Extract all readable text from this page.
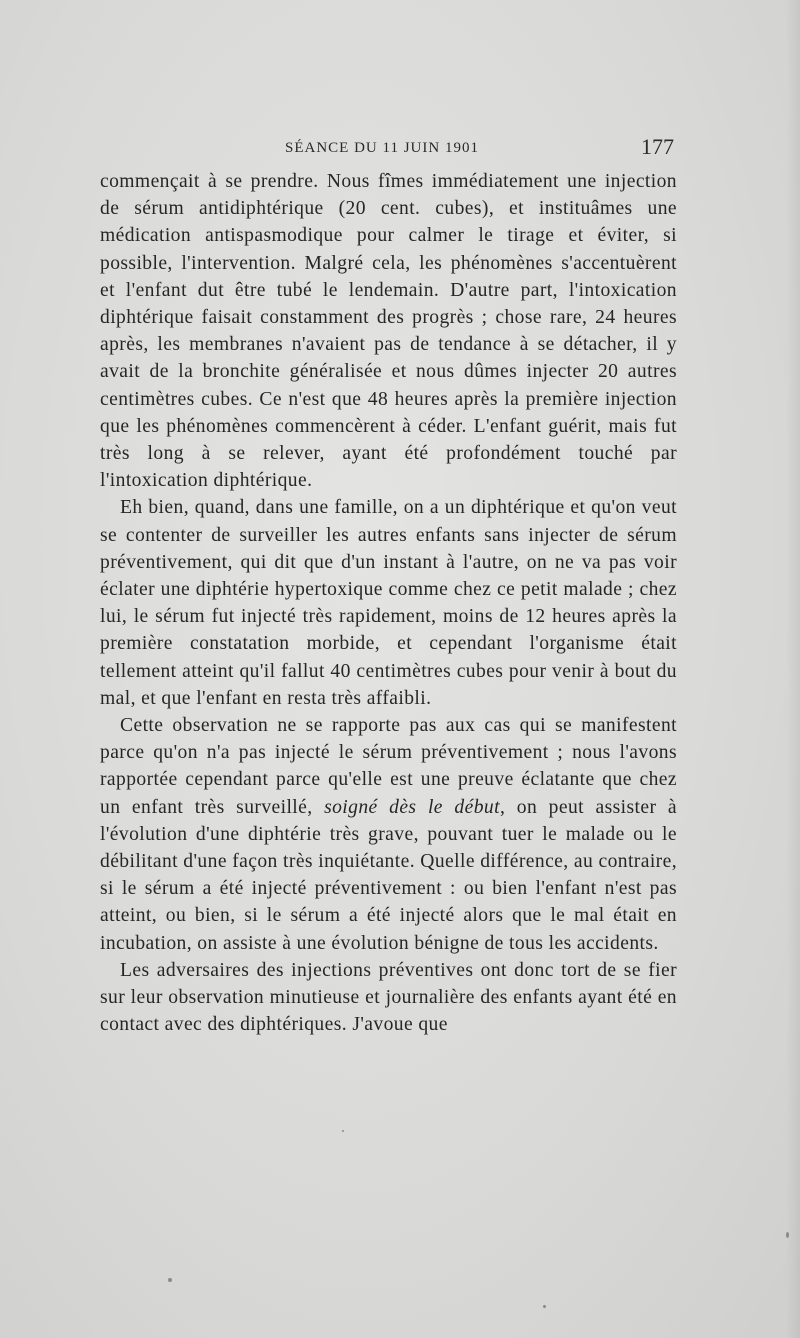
SÉANCE DU 11 JUIN 1901	177

commençait à se prendre. Nous fîmes immédiatement une injection de sérum antidiphtérique (20 cent. cubes), et instituâmes une médication antispasmodique pour calmer le tirage et éviter, si possible, l'intervention. Malgré cela, les phénomènes s'accentuèrent et l'enfant dut être tubé le lendemain. D'autre part, l'intoxication diphtérique faisait constamment des progrès ; chose rare, 24 heures après, les membranes n'avaient pas de tendance à se détacher, il y avait de la bronchite généralisée et nous dûmes injecter 20 autres centimètres cubes. Ce n'est que 48 heures après la première injection que les phénomènes commencèrent à céder. L'enfant guérit, mais fut très long à se relever, ayant été profondément touché par l'intoxication diphtérique.

Eh bien, quand, dans une famille, on a un diphtérique et qu'on veut se contenter de surveiller les autres enfants sans injecter de sérum préventivement, qui dit que d'un instant à l'autre, on ne va pas voir éclater une diphtérie hypertoxique comme chez ce petit malade ; chez lui, le sérum fut injecté très rapidement, moins de 12 heures après la première constatation morbide, et cependant l'organisme était tellement atteint qu'il fallut 40 centimètres cubes pour venir à bout du mal, et que l'enfant en resta très affaibli.

Cette observation ne se rapporte pas aux cas qui se manifestent parce qu'on n'a pas injecté le sérum préventivement ; nous l'avons rapportée cependant parce qu'elle est une preuve éclatante que chez un enfant très surveillé, soigné dès le début, on peut assister à l'évolution d'une diphtérie très grave, pouvant tuer le malade ou le débilitant d'une façon très inquiétante. Quelle différence, au contraire, si le sérum a été injecté préventivement : ou bien l'enfant n'est pas atteint, ou bien, si le sérum a été injecté alors que le mal était en incubation, on assiste à une évolution bénigne de tous les accidents.

Les adversaires des injections préventives ont donc tort de se fier sur leur observation minutieuse et journalière des enfants ayant été en contact avec des diphtériques. J'avoue que
